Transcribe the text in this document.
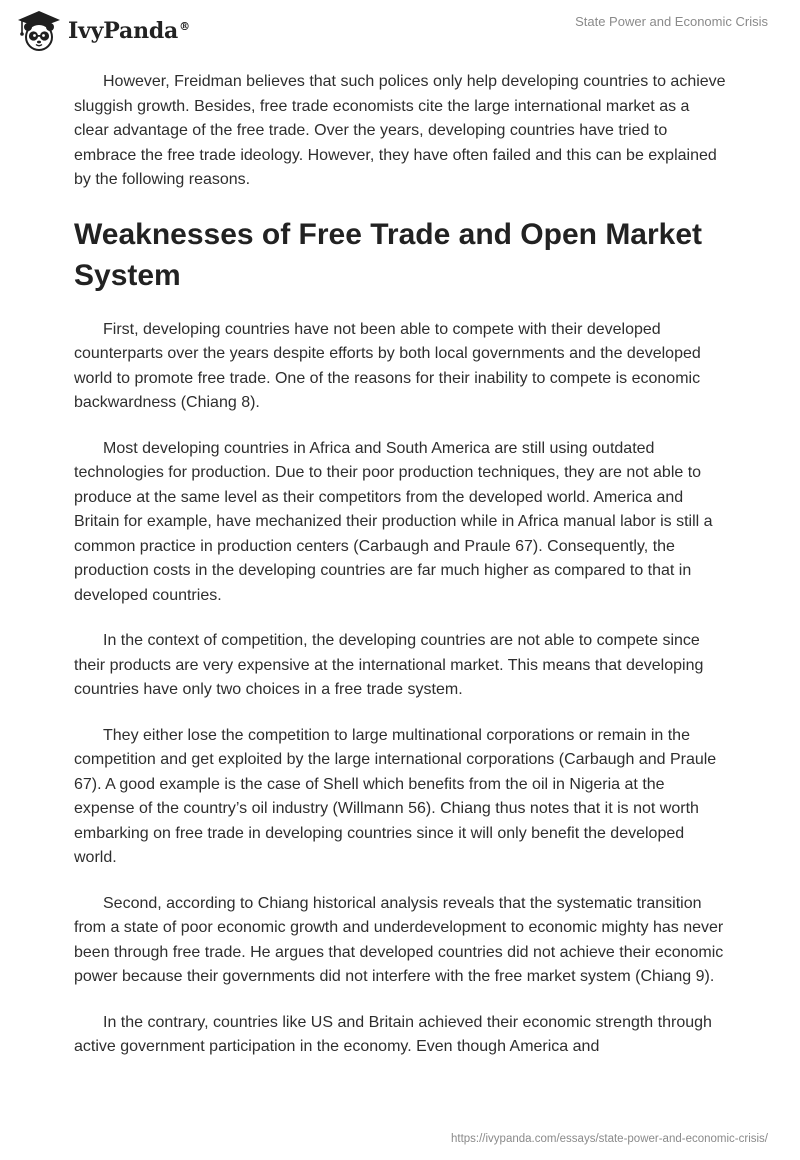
IvyPanda®	State Power and Economic Crisis

However, Freidman believes that such polices only help developing countries to achieve sluggish growth. Besides, free trade economists cite the large international market as a clear advantage of the free trade. Over the years, developing countries have tried to embrace the free trade ideology. However, they have often failed and this can be explained by the following reasons.

Weaknesses of Free Trade and Open Market System

First, developing countries have not been able to compete with their developed counterparts over the years despite efforts by both local governments and the developed world to promote free trade. One of the reasons for their inability to compete is economic backwardness (Chiang 8).

Most developing countries in Africa and South America are still using outdated technologies for production. Due to their poor production techniques, they are not able to produce at the same level as their competitors from the developed world. America and Britain for example, have mechanized their production while in Africa manual labor is still a common practice in production centers (Carbaugh and Praule 67). Consequently, the production costs in the developing countries are far much higher as compared to that in developed countries.

In the context of competition, the developing countries are not able to compete since their products are very expensive at the international market. This means that developing countries have only two choices in a free trade system.

They either lose the competition to large multinational corporations or remain in the competition and get exploited by the large international corporations (Carbaugh and Praule 67). A good example is the case of Shell which benefits from the oil in Nigeria at the expense of the country’s oil industry (Willmann 56). Chiang thus notes that it is not worth embarking on free trade in developing countries since it will only benefit the developed world.

Second, according to Chiang historical analysis reveals that the systematic transition from a state of poor economic growth and underdevelopment to economic mighty has never been through free trade. He argues that developed countries did not achieve their economic power because their governments did not interfere with the free market system (Chiang 9).

In the contrary, countries like US and Britain achieved their economic strength through active government participation in the economy. Even though America and

https://ivypanda.com/essays/state-power-and-economic-crisis/
